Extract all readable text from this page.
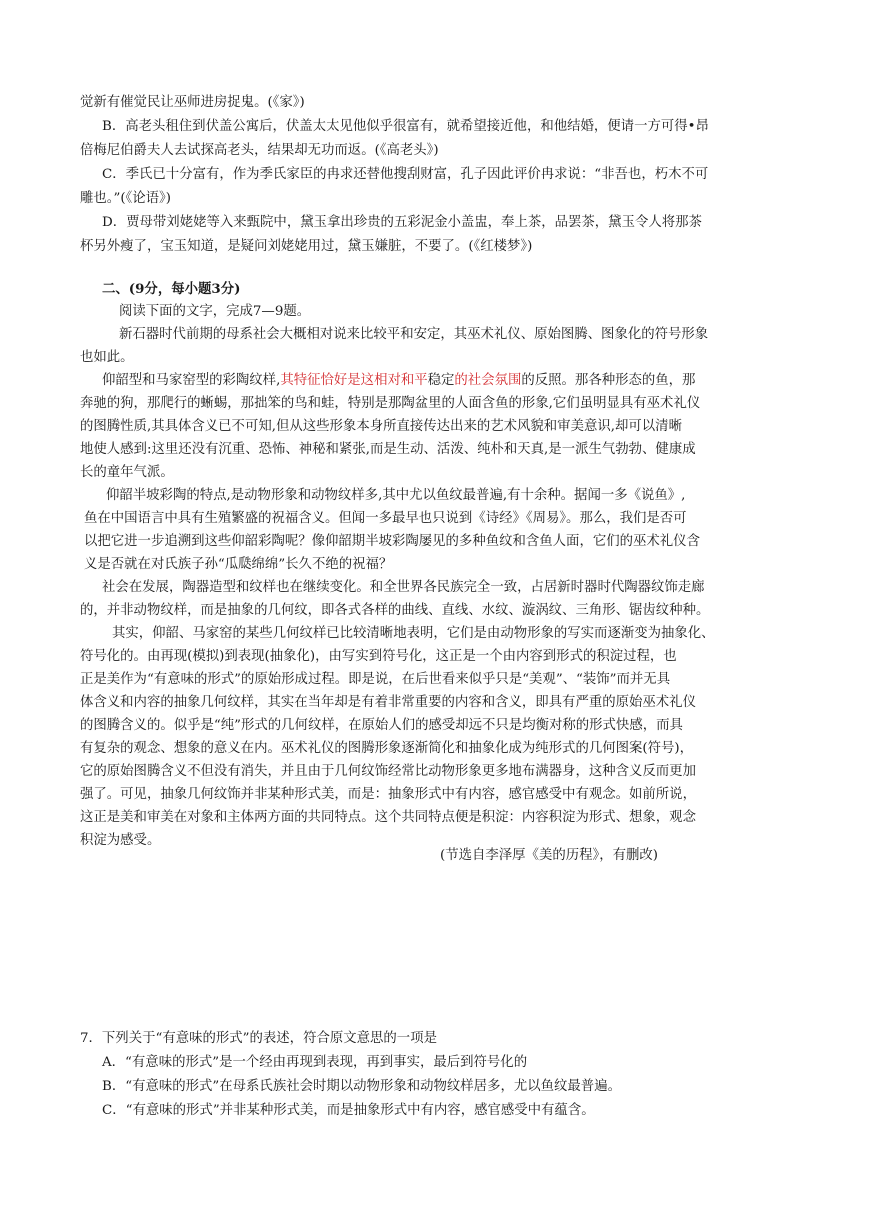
觉新有催觉民让巫师进房捉鬼。(《家》)
B．高老头租住到伏盖公寓后，伏盖太太见他似乎很富有，就希望接近他，和他结婚，便请一方可得•昂
倍梅尼伯爵夫人去试探高老头，结果却无功而返。(《高老头》)
C．季氏已十分富有，作为季氏家臣的冉求还替他搜刮财富，孔子因此评价冉求说：“非吾也，朽木不可
雕也。”(《论语》)
D．贾母带刘姥姥等入来甄院中，黛玉拿出珍贵的五彩泥金小盖盅，奉上茶，品罢茶，黛玉令人将那茶
杯另外瘦了，宝玉知道，是疑问刘姥姥用过，黛玉嫌脏，不要了。(《红楼梦》)
二、(9分，每小题3分)
阅读下面的文字，完成7—9题。
新石器时代前期的母系社会大概相对说来比较平和安定，其巫术礼仪、原始图腾、图象化的符号形象
也如此。
仰韶型和马家窑型的彩陶纹样,其特征恰好是这相对和平稳定的社会氛围的反照。那各种形态的鱼，那
奔驰的狗，那爬行的蜥蜴，那拙笨的鸟和蛙，特别是那陶盆里的人面含鱼的形象,它们虽明显具有巫术礼仪
的图腾性质,其具体含义已不可知,但从这些形象本身所直接传达出来的艺术风貌和审美意识,却可以清晰
地使人感到:这里还没有沉重、恐怖、神秘和紧张,而是生动、活泼、纯朴和天真,是一派生气勃勃、健康成
长的童年气派。
仰韶半坡彩陶的特点,是动物形象和动物纹样多,其中尤以鱼纹最普遍,有十余种。据闻一多《说鱼》,
鱼在中国语言中具有生殖繁盛的祝福含义。但闻一多最早也只说到《诗经》《周易》。那么，我们是否可
以把它进一步追溯到这些仰韶彩陶呢？像仰韶期半坡彩陶屡见的多种鱼纹和含鱼人面，它们的巫术礼仪含
义是否就在对氏族子孙“瓜瓞绵绵”长久不绝的祝福？
社会在发展，陶器造型和纹样也在继续变化。和全世界各民族完全一致，占居新时器时代陶器纹饰走廊
的，并非动物纹样，而是抽象的几何纹，即各式各样的曲线、直线、水纹、漩涡纹、三角形、锯齿纹种种。
其实，仰韶、马家窑的某些几何纹样已比较清晰地表明，它们是由动物形象的写实而逐渐变为抽象化、
符号化的。由再现(模拟)到表现(抽象化)，由写实到符号化，这正是一个由内容到形式的积淀过程，也
正是美作为“有意味的形式”的原始形成过程。即是说，在后世看来似乎只是“美观”、“装饰”而并无具
体含义和内容的抽象几何纹样，其实在当年却是有着非常重要的内容和含义，即具有严重的原始巫术礼仪
的图腾含义的。似乎是“纯”形式的几何纹样，在原始人们的感受却远不只是均衡对称的形式快感，而具
有复杂的观念、想象的意义在内。巫术礼仪的图腾形象逐渐简化和抽象化成为纯形式的几何图案(符号)，
它的原始图腾含义不但没有消失，并且由于几何纹饰经常比动物形象更多地布满器身，这种含义反而更加
强了。可见，抽象几何纹饰并非某种形式美，而是：抽象形式中有内容，感官感受中有观念。如前所说，
这正是美和审美在对象和主体两方面的共同特点。这个共同特点便是积淀：内容积淀为形式、想象，观念
积淀为感受。
(节选自李泽厚《美的历程》，有删改)
7．下列关于“有意味的形式”的表述，符合原文意思的一项是
A．“有意味的形式”是一个经由再现到表现，再到事实，最后到符号化的
B．“有意味的形式”在母系氏族社会时期以动物形象和动物纹样居多，尤以鱼纹最普遍。
C．“有意味的形式”并非某种形式美，而是抽象形式中有内容，感官感受中有蕴含。
